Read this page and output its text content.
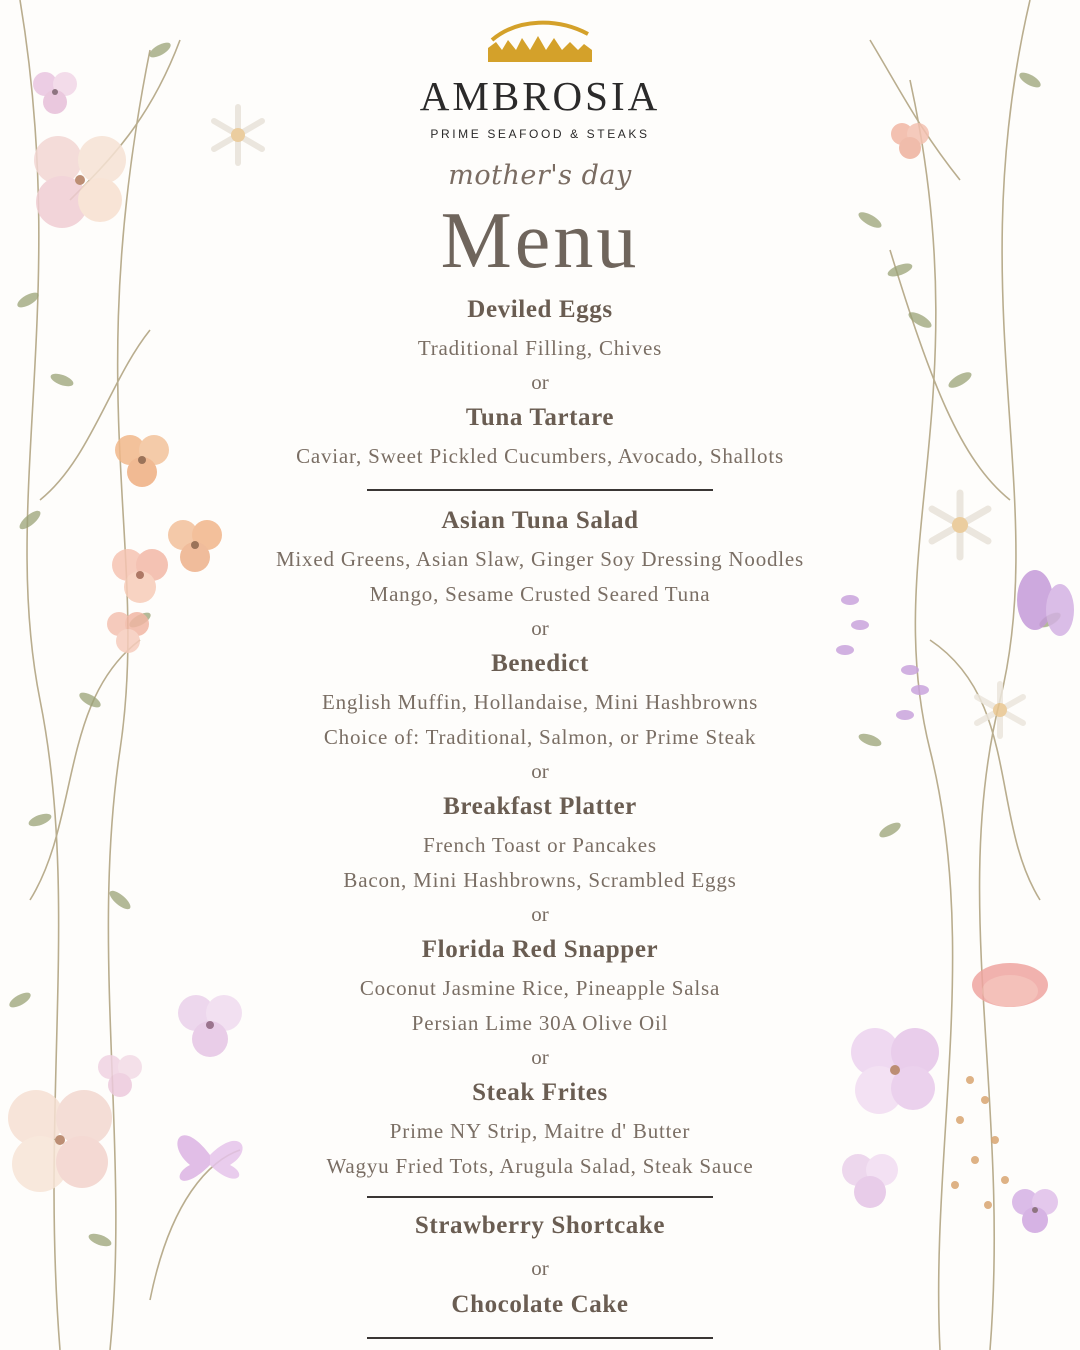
AMBROSIA
PRIME SEAFOOD & STEAKS
mother's day
Menu
Deviled Eggs
Traditional Filling, Chives
or
Tuna Tartare
Caviar, Sweet Pickled Cucumbers, Avocado, Shallots
Asian Tuna Salad
Mixed Greens, Asian Slaw, Ginger Soy Dressing Noodles
Mango, Sesame Crusted Seared Tuna
or
Benedict
English Muffin, Hollandaise, Mini Hashbrowns
Choice of: Traditional, Salmon, or Prime Steak
or
Breakfast Platter
French Toast or Pancakes
Bacon, Mini Hashbrowns, Scrambled Eggs
or
Florida Red Snapper
Coconut Jasmine Rice, Pineapple Salsa
Persian Lime 30A Olive Oil
or
Steak Frites
Prime NY Strip, Maitre d' Butter
Wagyu Fried Tots, Arugula Salad, Steak Sauce
Strawberry Shortcake
or
Chocolate Cake
